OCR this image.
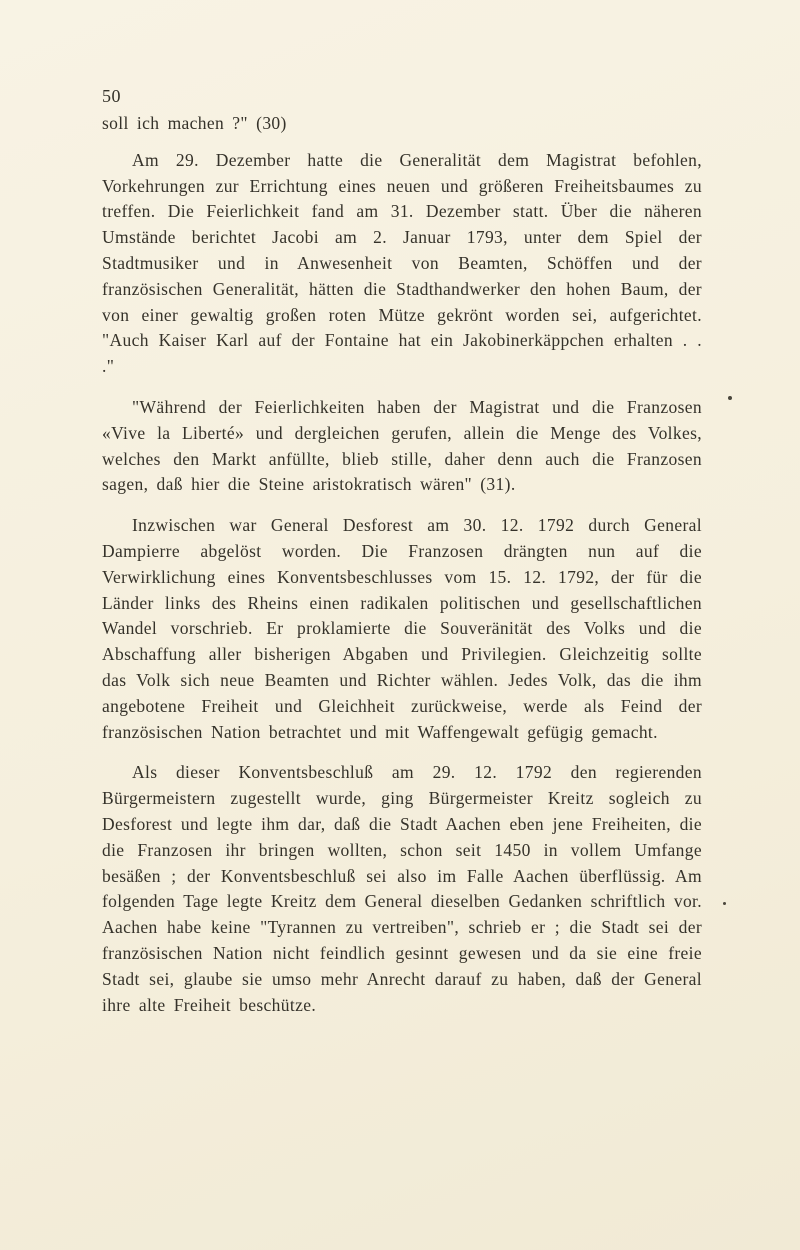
50

soll ich machen ?" (30)

Am 29. Dezember hatte die Generalität dem Magistrat befohlen, Vorkehrungen zur Errichtung eines neuen und größeren Freiheitsbaumes zu treffen. Die Feierlichkeit fand am 31. Dezember statt. Über die näheren Umstände berichtet Jacobi am 2. Januar 1793, unter dem Spiel der Stadtmusiker und in Anwesenheit von Beamten, Schöffen und der französischen Generalität, hätten die Stadthandwerker den hohen Baum, der von einer gewaltig großen roten Mütze gekrönt worden sei, aufgerichtet. "Auch Kaiser Karl auf der Fontaine hat ein Jakobinerkäppchen erhalten . . ."

"Während der Feierlichkeiten haben der Magistrat und die Franzosen «Vive la Liberté» und dergleichen gerufen, allein die Menge des Volkes, welches den Markt anfüllte, blieb stille, daher denn auch die Franzosen sagen, daß hier die Steine aristokratisch wären" (31).

Inzwischen war General Desforest am 30. 12. 1792 durch General Dampierre abgelöst worden. Die Franzosen drängten nun auf die Verwirklichung eines Konventsbeschlusses vom 15. 12. 1792, der für die Länder links des Rheins einen radikalen politischen und gesellschaftlichen Wandel vorschrieb. Er proklamierte die Souveränität des Volks und die Abschaffung aller bisherigen Abgaben und Privilegien. Gleichzeitig sollte das Volk sich neue Beamten und Richter wählen. Jedes Volk, das die ihm angebotene Freiheit und Gleichheit zurückweise, werde als Feind der französischen Nation betrachtet und mit Waffengewalt gefügig gemacht.

Als dieser Konventsbeschluß am 29. 12. 1792 den regierenden Bürgermeistern zugestellt wurde, ging Bürgermeister Kreitz sogleich zu Desforest und legte ihm dar, daß die Stadt Aachen eben jene Freiheiten, die die Franzosen ihr bringen wollten, schon seit 1450 in vollem Umfange besäßen ; der Konventsbeschluß sei also im Falle Aachen überflüssig. Am folgenden Tage legte Kreitz dem General dieselben Gedanken schriftlich vor. Aachen habe keine "Tyrannen zu vertreiben", schrieb er ; die Stadt sei der französischen Nation nicht feindlich gesinnt gewesen und da sie eine freie Stadt sei, glaube sie umso mehr Anrecht darauf zu haben, daß der General ihre alte Freiheit beschütze.
